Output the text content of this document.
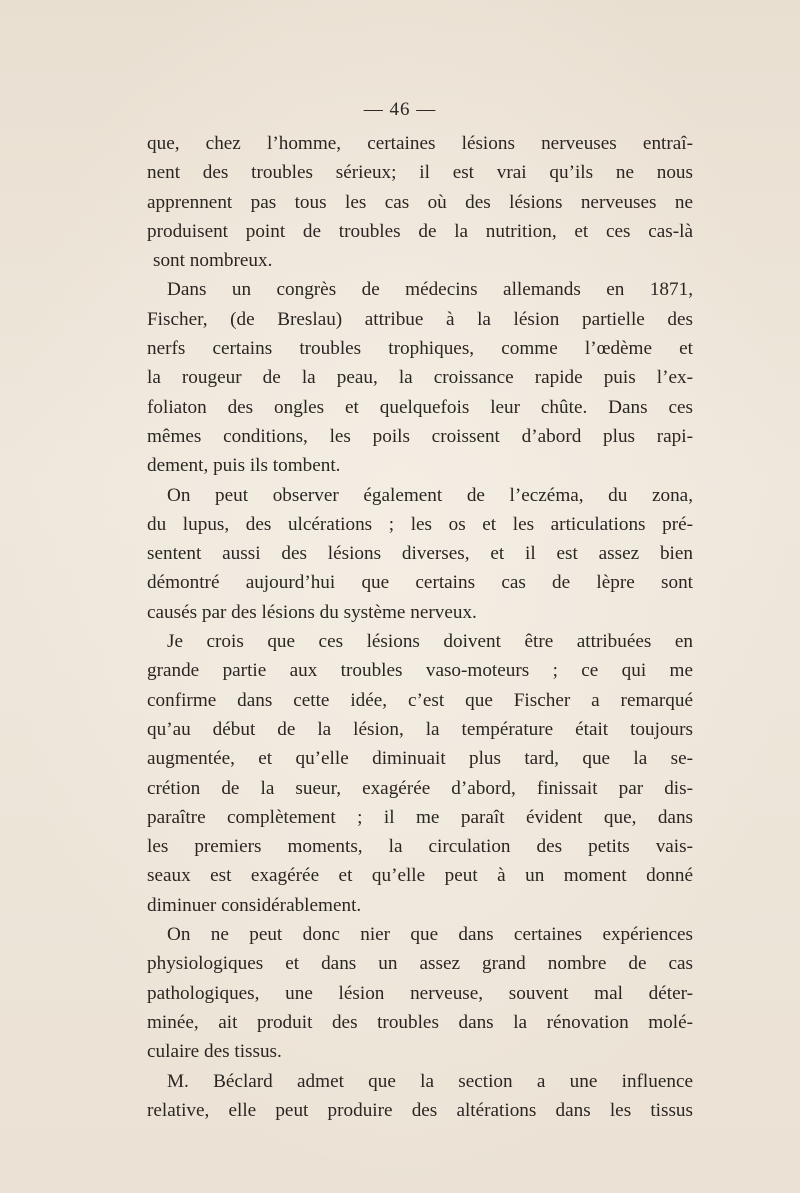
— 46 —

que, chez l’homme, certaines lésions nerveuses entraî-
nent des troubles sérieux; il est vrai qu’ils ne nous
apprennent pas tous les cas où des lésions nerveuses ne
produisent point de troubles de la nutrition, et ces cas-là
sont nombreux.

Dans un congrès de médecins allemands en 1871,
Fischer, (de Breslau) attribue à la lésion partielle des
nerfs certains troubles trophiques, comme l’œdème et
la rougeur de la peau, la croissance rapide puis l’ex-
foliaton des ongles et quelquefois leur chûte. Dans ces
mêmes conditions, les poils croissent d’abord plus rapi-
dement, puis ils tombent.

On peut observer également de l’eczéma, du zona,
du lupus, des ulcérations ; les os et les articulations pré-
sentent aussi des lésions diverses, et il est assez bien
démontré aujourd’hui que certains cas de lèpre sont
causés par des lésions du système nerveux.

Je crois que ces lésions doivent être attribuées en
grande partie aux troubles vaso-moteurs ; ce qui me
confirme dans cette idée, c’est que Fischer a remarqué
qu’au début de la lésion, la température était toujours
augmentée, et qu’elle diminuait plus tard, que la se-
crétion de la sueur, exagérée d’abord, finissait par dis-
paraître complètement ; il me paraît évident que, dans
les premiers moments, la circulation des petits vais-
seaux est exagérée et qu’elle peut à un moment donné
diminuer considérablement.

On ne peut donc nier que dans certaines expériences
physiologiques et dans un assez grand nombre de cas
pathologiques, une lésion nerveuse, souvent mal déter-
minée, ait produit des troubles dans la rénovation molé-
culaire des tissus.

M. Béclard admet que la section a une influence
relative, elle peut produire des altérations dans les tissus
